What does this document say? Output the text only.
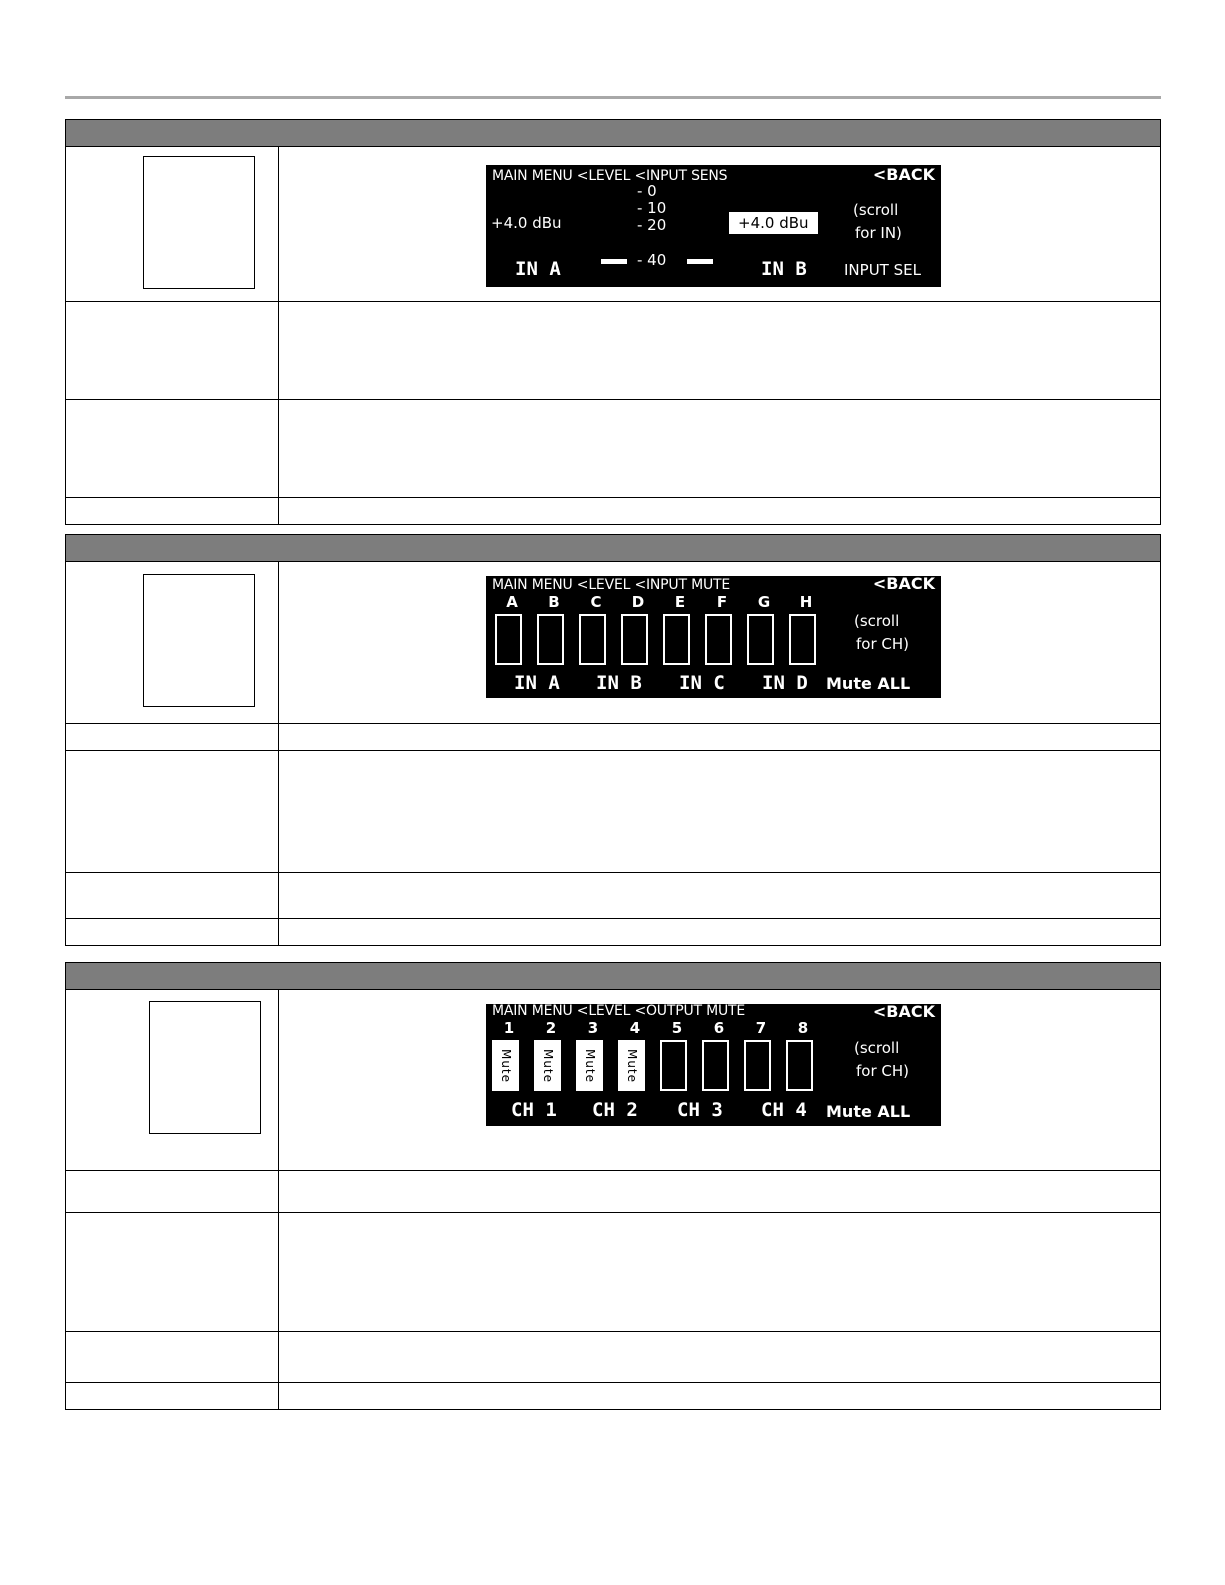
MAIN MENU <LEVEL <INPUT SENS	<BACK
- 0
- 10
- 20
+4.0 dBu	+4.0 dBu
(scroll
for IN)
- 40
IN A	IN B INPUT SEL
MAIN MENU <LEVEL <INPUT MUTE	<BACK
A	B	C	D	E	F	G	H
(scroll
for CH)
IN A IN B IN C IN D Mute ALL
MAIN MENU <LEVEL <OUTPUT MUTE	<BACK
1	2	3	4	5	6	7	8
Mute Mute Mute Mute
(scroll
for CH)
CH 1 CH 2 CH 3 CH 4 Mute ALL
